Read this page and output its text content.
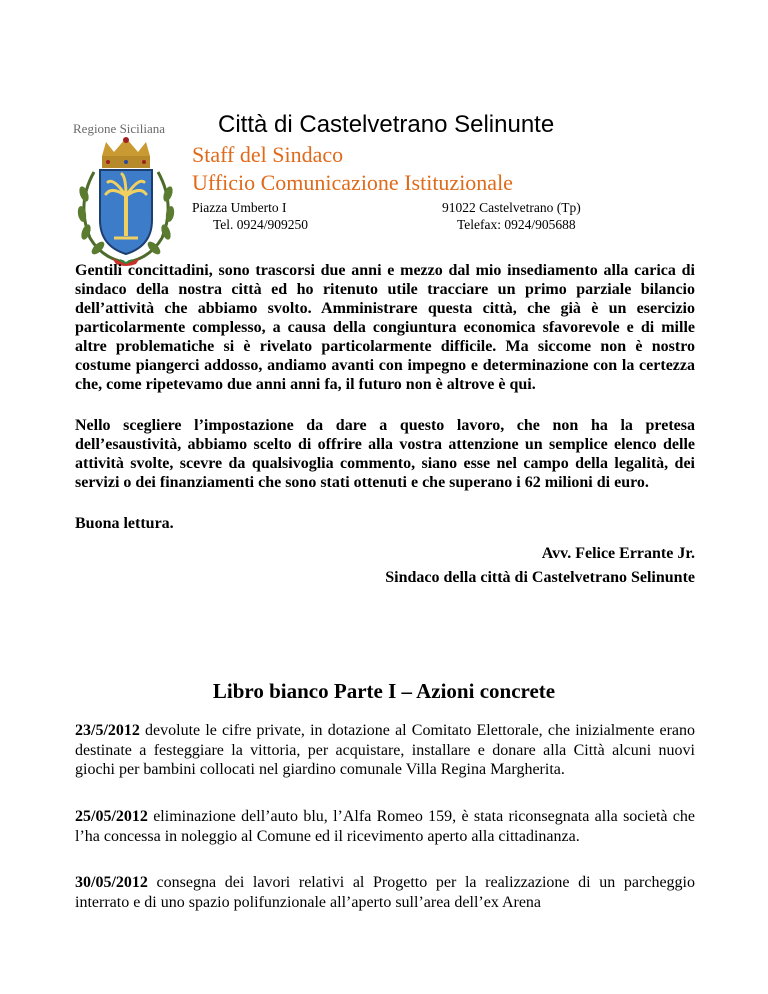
Regione Siciliana Città di Castelvetrano Selinunte
Staff del Sindaco
Ufficio Comunicazione Istituzionale
Piazza Umberto I
Tel. 0924/909250
91022 Castelvetrano (Tp)
Telefax: 0924/905688

Gentili concittadini, sono trascorsi due anni e mezzo dal mio insediamento alla carica di sindaco della nostra città ed ho ritenuto utile tracciare un primo parziale bilancio dell’attività che abbiamo svolto. Amministrare questa città, che già è un esercizio particolarmente complesso, a causa della congiuntura economica sfavorevole e di mille altre problematiche si è rivelato particolarmente difficile. Ma siccome non è nostro costume piangerci addosso, andiamo avanti con impegno e determinazione con la certezza che, come ripetevamo due anni anni fa, il futuro non è altrove è qui.

Nello scegliere l’impostazione da dare a questo lavoro, che non ha la pretesa dell’esaustività, abbiamo scelto di offrire alla vostra attenzione un semplice elenco delle attività svolte, scevre da qualsivoglia commento, siano esse nel campo della legalità, dei servizi o dei finanziamenti che sono stati ottenuti e che superano i 62 milioni di euro.

Buona lettura.

Avv. Felice Errante Jr.
Sindaco della città di Castelvetrano Selinunte
Libro bianco Parte I – Azioni concrete

23/5/2012 devolute le cifre private, in dotazione al Comitato Elettorale, che inizialmente erano destinate a festeggiare la vittoria, per acquistare, installare e donare alla Città alcuni nuovi giochi per bambini collocati nel giardino comunale Villa Regina Margherita.

25/05/2012 eliminazione dell’auto blu, l’Alfa Romeo 159, è stata riconsegnata alla società che l’ha concessa in noleggio al Comune ed il ricevimento aperto alla cittadinanza.

30/05/2012 consegna dei lavori relativi al Progetto per la realizzazione di un parcheggio interrato e di uno spazio polifunzionale all’aperto sull’area dell’ex Arena
